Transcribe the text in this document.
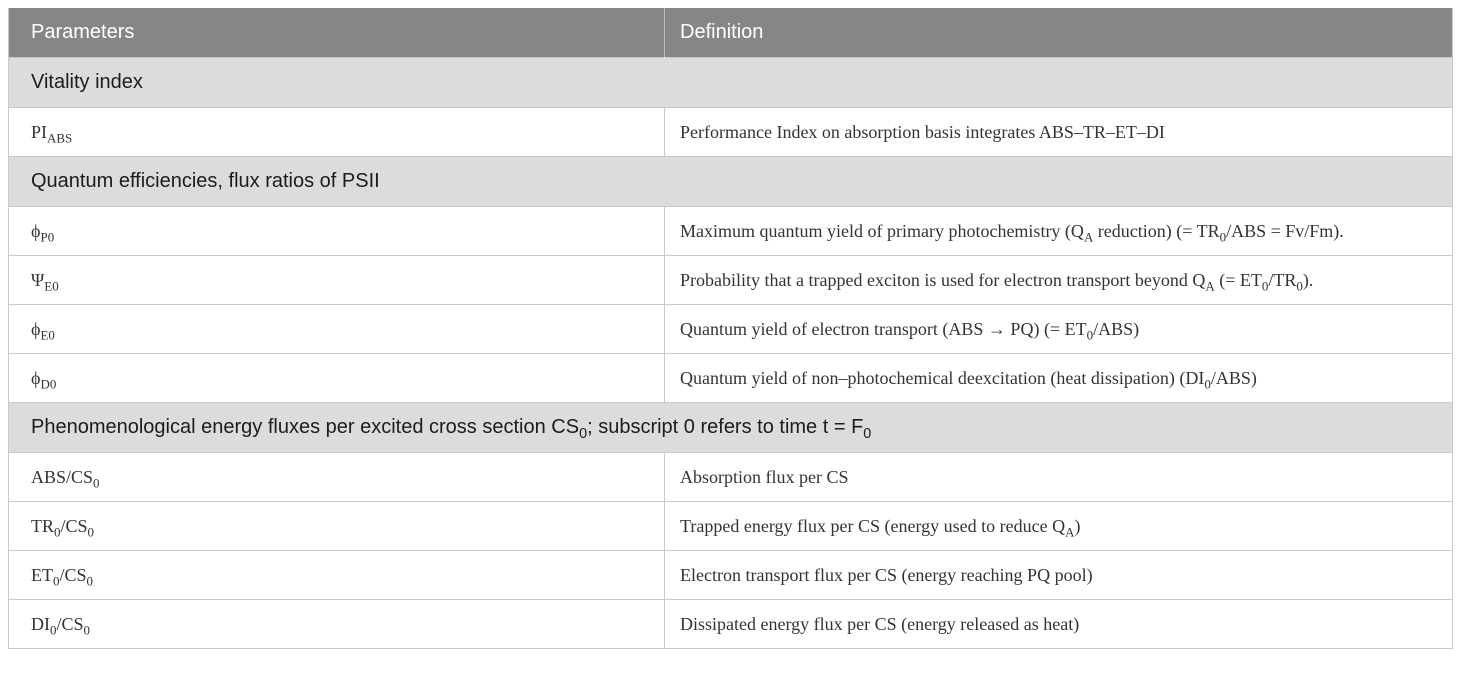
Parameters	Definition
Vitality index	
$PI_{ABS}$	Performance Index on absorption basis integrates ABS–TR–ET–DI
Quantum efficiencies, flux ratios of PSII	
$\phi_{P0}$	Maximum quantum yield of primary photochemistry ($Q_A$ reduction) (= $TR_0$/ABS = Fv/Fm).
$\Psi_{E0}$	Probability that a trapped exciton is used for electron transport beyond $Q_A$ (= $ET_0/TR_0$).
$\phi_{E0}$	Quantum yield of electron transport (ABS → PQ) (= $ET_0/ABS$)
$\phi_{D0}$	Quantum yield of non–photochemical deexcitation (heat dissipation) $(DI_0/ABS)$
Phenomenological energy fluxes per excited cross section $CS_0$; subscript 0 refers to time $t = F_0$
ABS/$CS_0$	Absorption flux per CS
$TR_0/CS_0$	Trapped energy flux per CS (energy used to reduce $Q_A$)
$ET_0/CS_0$	Electron transport flux per CS (energy reaching PQ pool)
$DI_0/CS_0$	Dissipated energy flux per CS (energy released as heat)
